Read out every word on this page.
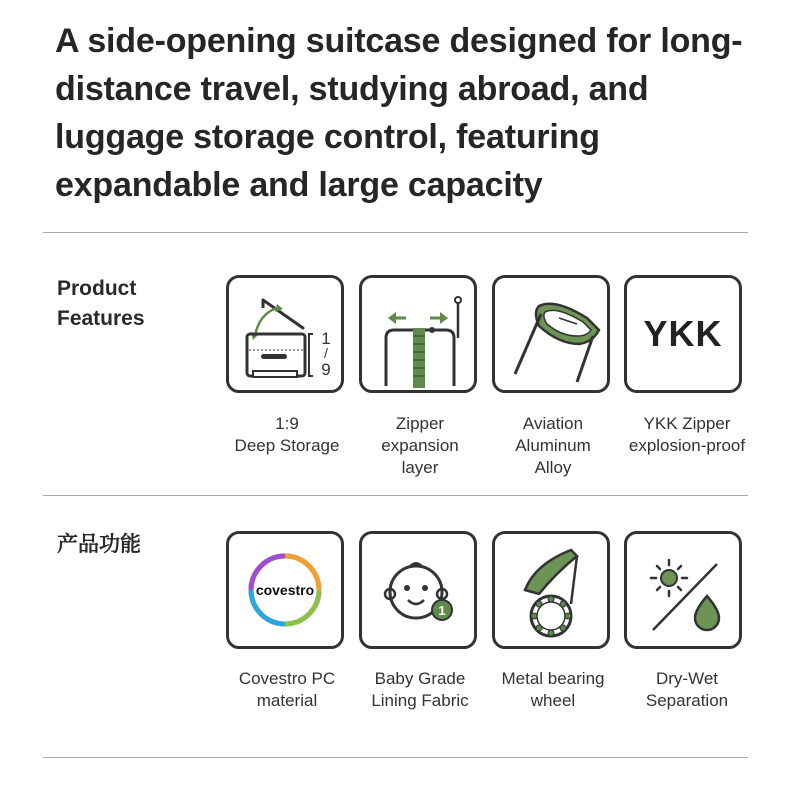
A side-opening suitcase designed for long-distance travel, studying abroad, and luggage storage control, featuring expandable and large capacity
Product
Features
产品功能
1
/
9
YKK
1:9
Deep Storage
Zipper
expansion
layer
Aviation
Aluminum
Alloy
YKK Zipper
explosion-proof
covestro
1
Covestro PC
material
Baby Grade
Lining Fabric
Metal bearing
wheel
Dry-Wet
Separation
